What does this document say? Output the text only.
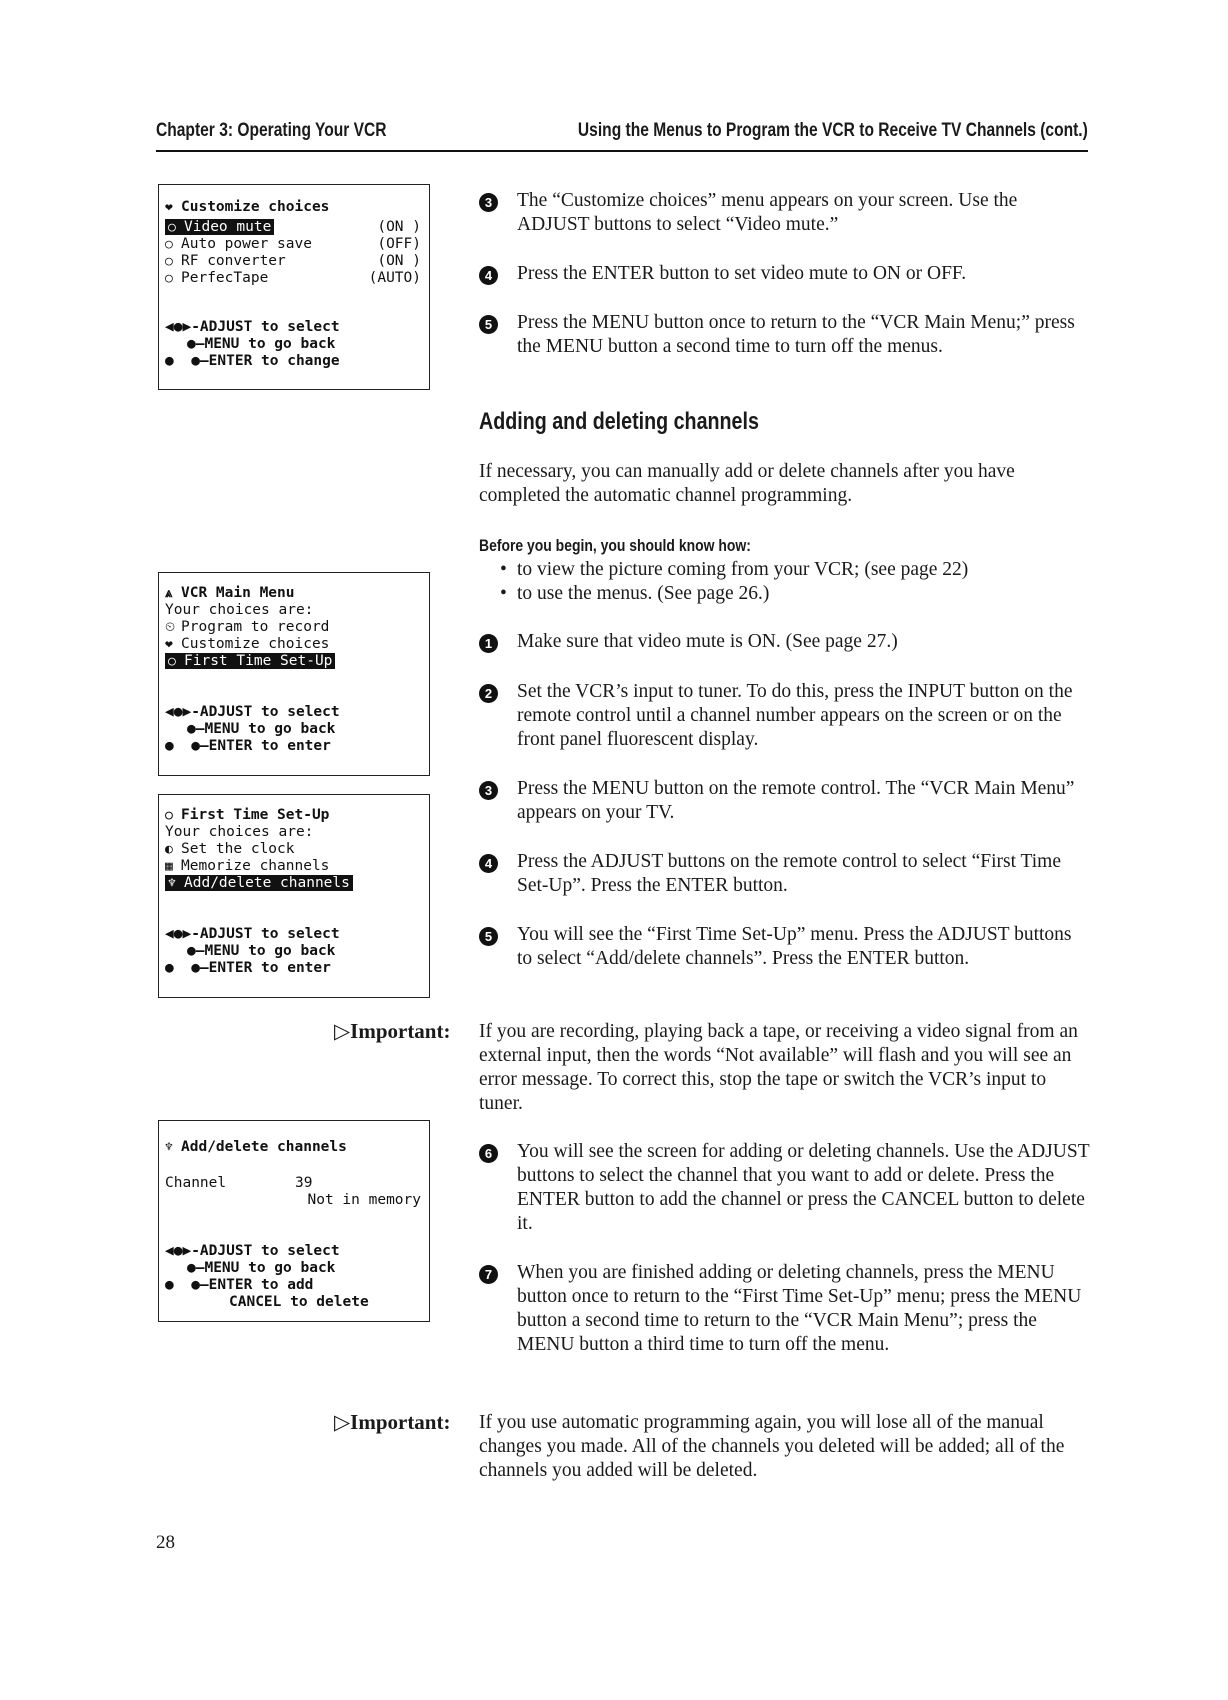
Chapter 3: Operating Your VCR	Using the Menus to Program the VCR to Receive TV Channels (cont.)
❤ Customize choices
○ Video mute	(ON )
○ Auto power save	(OFF)
○ RF converter	(ON )
○ PerfecTape	(AUTO)
◀●▶-ADJUST to select
●—MENU to go back
●  ●–ENTER to change
⩓ VCR Main Menu
Your choices are:
⏲ Program to record
❤ Customize choices
○ First Time Set-Up
◀●▶-ADJUST to select
●—MENU to go back
●  ●–ENTER to enter
○ First Time Set-Up
Your choices are:
◐ Set the clock
▦ Memorize channels
♆ Add/delete channels
◀●▶-ADJUST to select
●—MENU to go back
●  ●–ENTER to enter
♆ Add/delete channels
Channel	39
Not in memory
◀●▶-ADJUST to select
●—MENU to go back
●  ●–ENTER to add
CANCEL to delete
3	The “Customize choices” menu appears on your screen. Use the ADJUST buttons to select “Video mute.”
4	Press the ENTER button to set video mute to ON or OFF.
5	Press the MENU button once to return to the “VCR Main Menu;” press the MENU button a second time to turn off the menus.
Adding and deleting channels
If necessary, you can manually add or delete channels after you have completed the automatic channel programming.
Before you begin, you should know how:
• to view the picture coming from your VCR; (see page 22)
• to use the menus. (See page 26.)
1	Make sure that video mute is ON. (See page 27.)
2	Set the VCR’s input to tuner. To do this, press the INPUT button on the remote control until a channel number appears on the screen or on the front panel fluorescent display.
3	Press the MENU button on the remote control. The “VCR Main Menu” appears on your TV.
4	Press the ADJUST buttons on the remote control to select “First Time Set-Up”. Press the ENTER button.
5	You will see the “First Time Set-Up” menu. Press the ADJUST buttons to select “Add/delete channels”. Press the ENTER button.
▷Important: If you are recording, playing back a tape, or receiving a video signal from an external input, then the words “Not available” will flash and you will see an error message. To correct this, stop the tape or switch the VCR’s input to tuner.
6	You will see the screen for adding or deleting channels. Use the ADJUST buttons to select the channel that you want to add or delete. Press the ENTER button to add the channel or press the CANCEL button to delete it.
7	When you are finished adding or deleting channels, press the MENU button once to return to the “First Time Set-Up” menu; press the MENU button a second time to return to the “VCR Main Menu”; press the MENU button a third time to turn off the menu.
▷Important: If you use automatic programming again, you will lose all of the manual changes you made. All of the channels you deleted will be added; all of the channels you added will be deleted.
28
